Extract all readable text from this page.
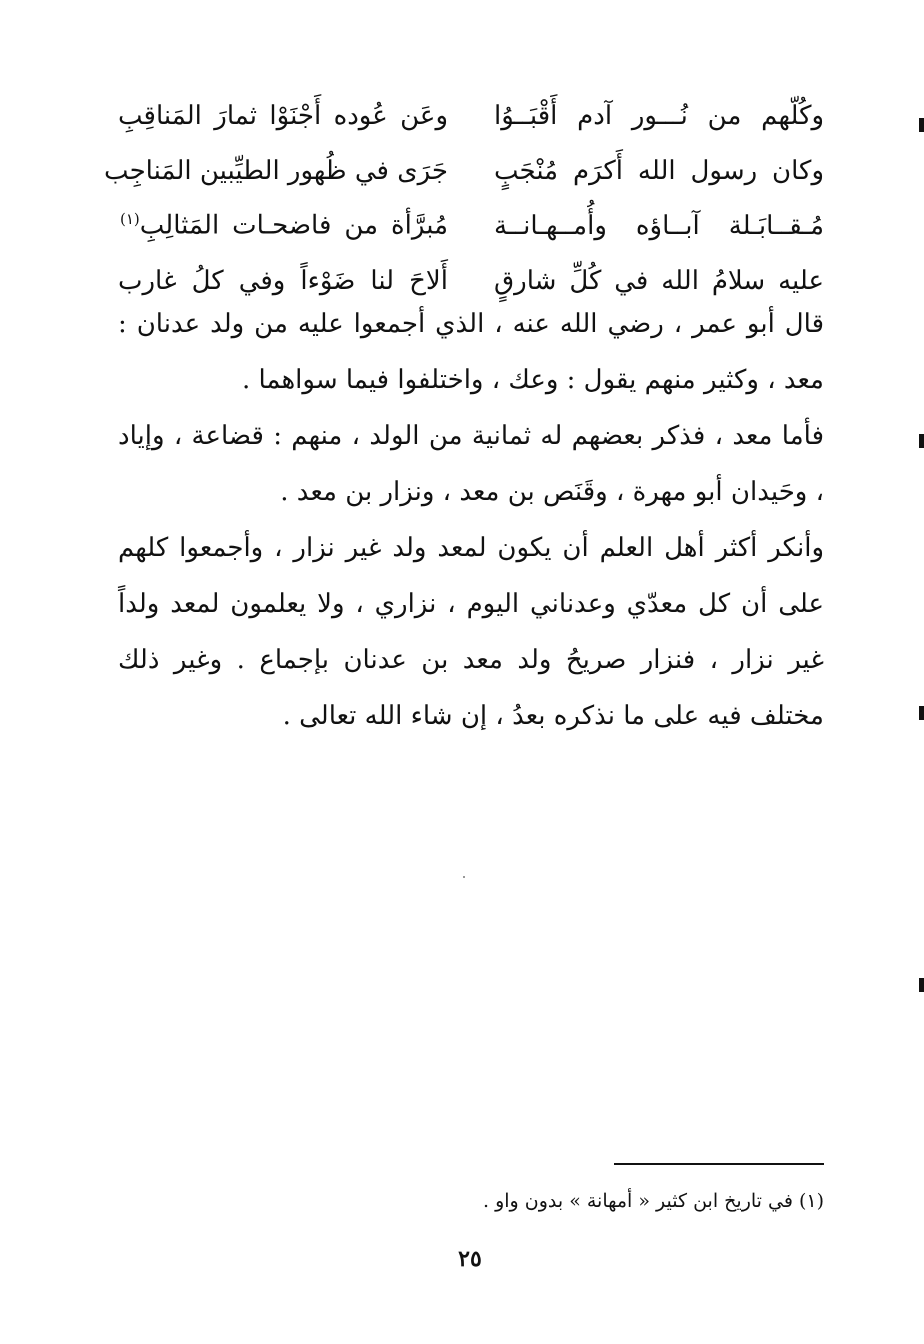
وكُلّهم من نُـــور آدم أَقْبَــوُا
وعَن عُوده أَجْنَوْا ثمارَ المَناقِبِ
وكان رسول الله أَكرَم مُنْجَبٍ
جَرَى في ظُهور الطيِّبين المَناجِب
مُـقــابَـلة آبــاؤه وأُمــهـانــة
مُبرَّأة من فاضحـات المَثالِبِ$^{(١)}$
عليه سلامُ الله في كُلِّ شارقٍ
أَلاحَ لنا ضَوْءاً وفي كلُ غارب

قال أبو عمر ، رضي الله عنه ، الذي أجمعوا عليه من ولد عدنان : معد ، وكثير منهم يقول : وعك ، واختلفوا فيما سواهما .

فأما معد ، فذكر بعضهم له ثمانية من الولد ، منهم : قضاعة ، وإياد ، وحَيدان أبو مهرة ، وقَنَص بن معد ، ونزار بن معد .

وأنكر أكثر أهل العلم أن يكون لمعد ولد غير نزار ، وأجمعوا كلهم على أن كل معدّي وعدناني اليوم ، نزاري ، ولا يعلمون لمعد ولداً غير نزار ، فنزار صريحُ ولد معد بن عدنان بإجماع . وغير ذلك مختلف فيه على ما نذكره بعدُ ، إن شاء الله تعالى .

(١) في تاريخ ابن كثير « أمهانة » بدون واو .
٢٥
